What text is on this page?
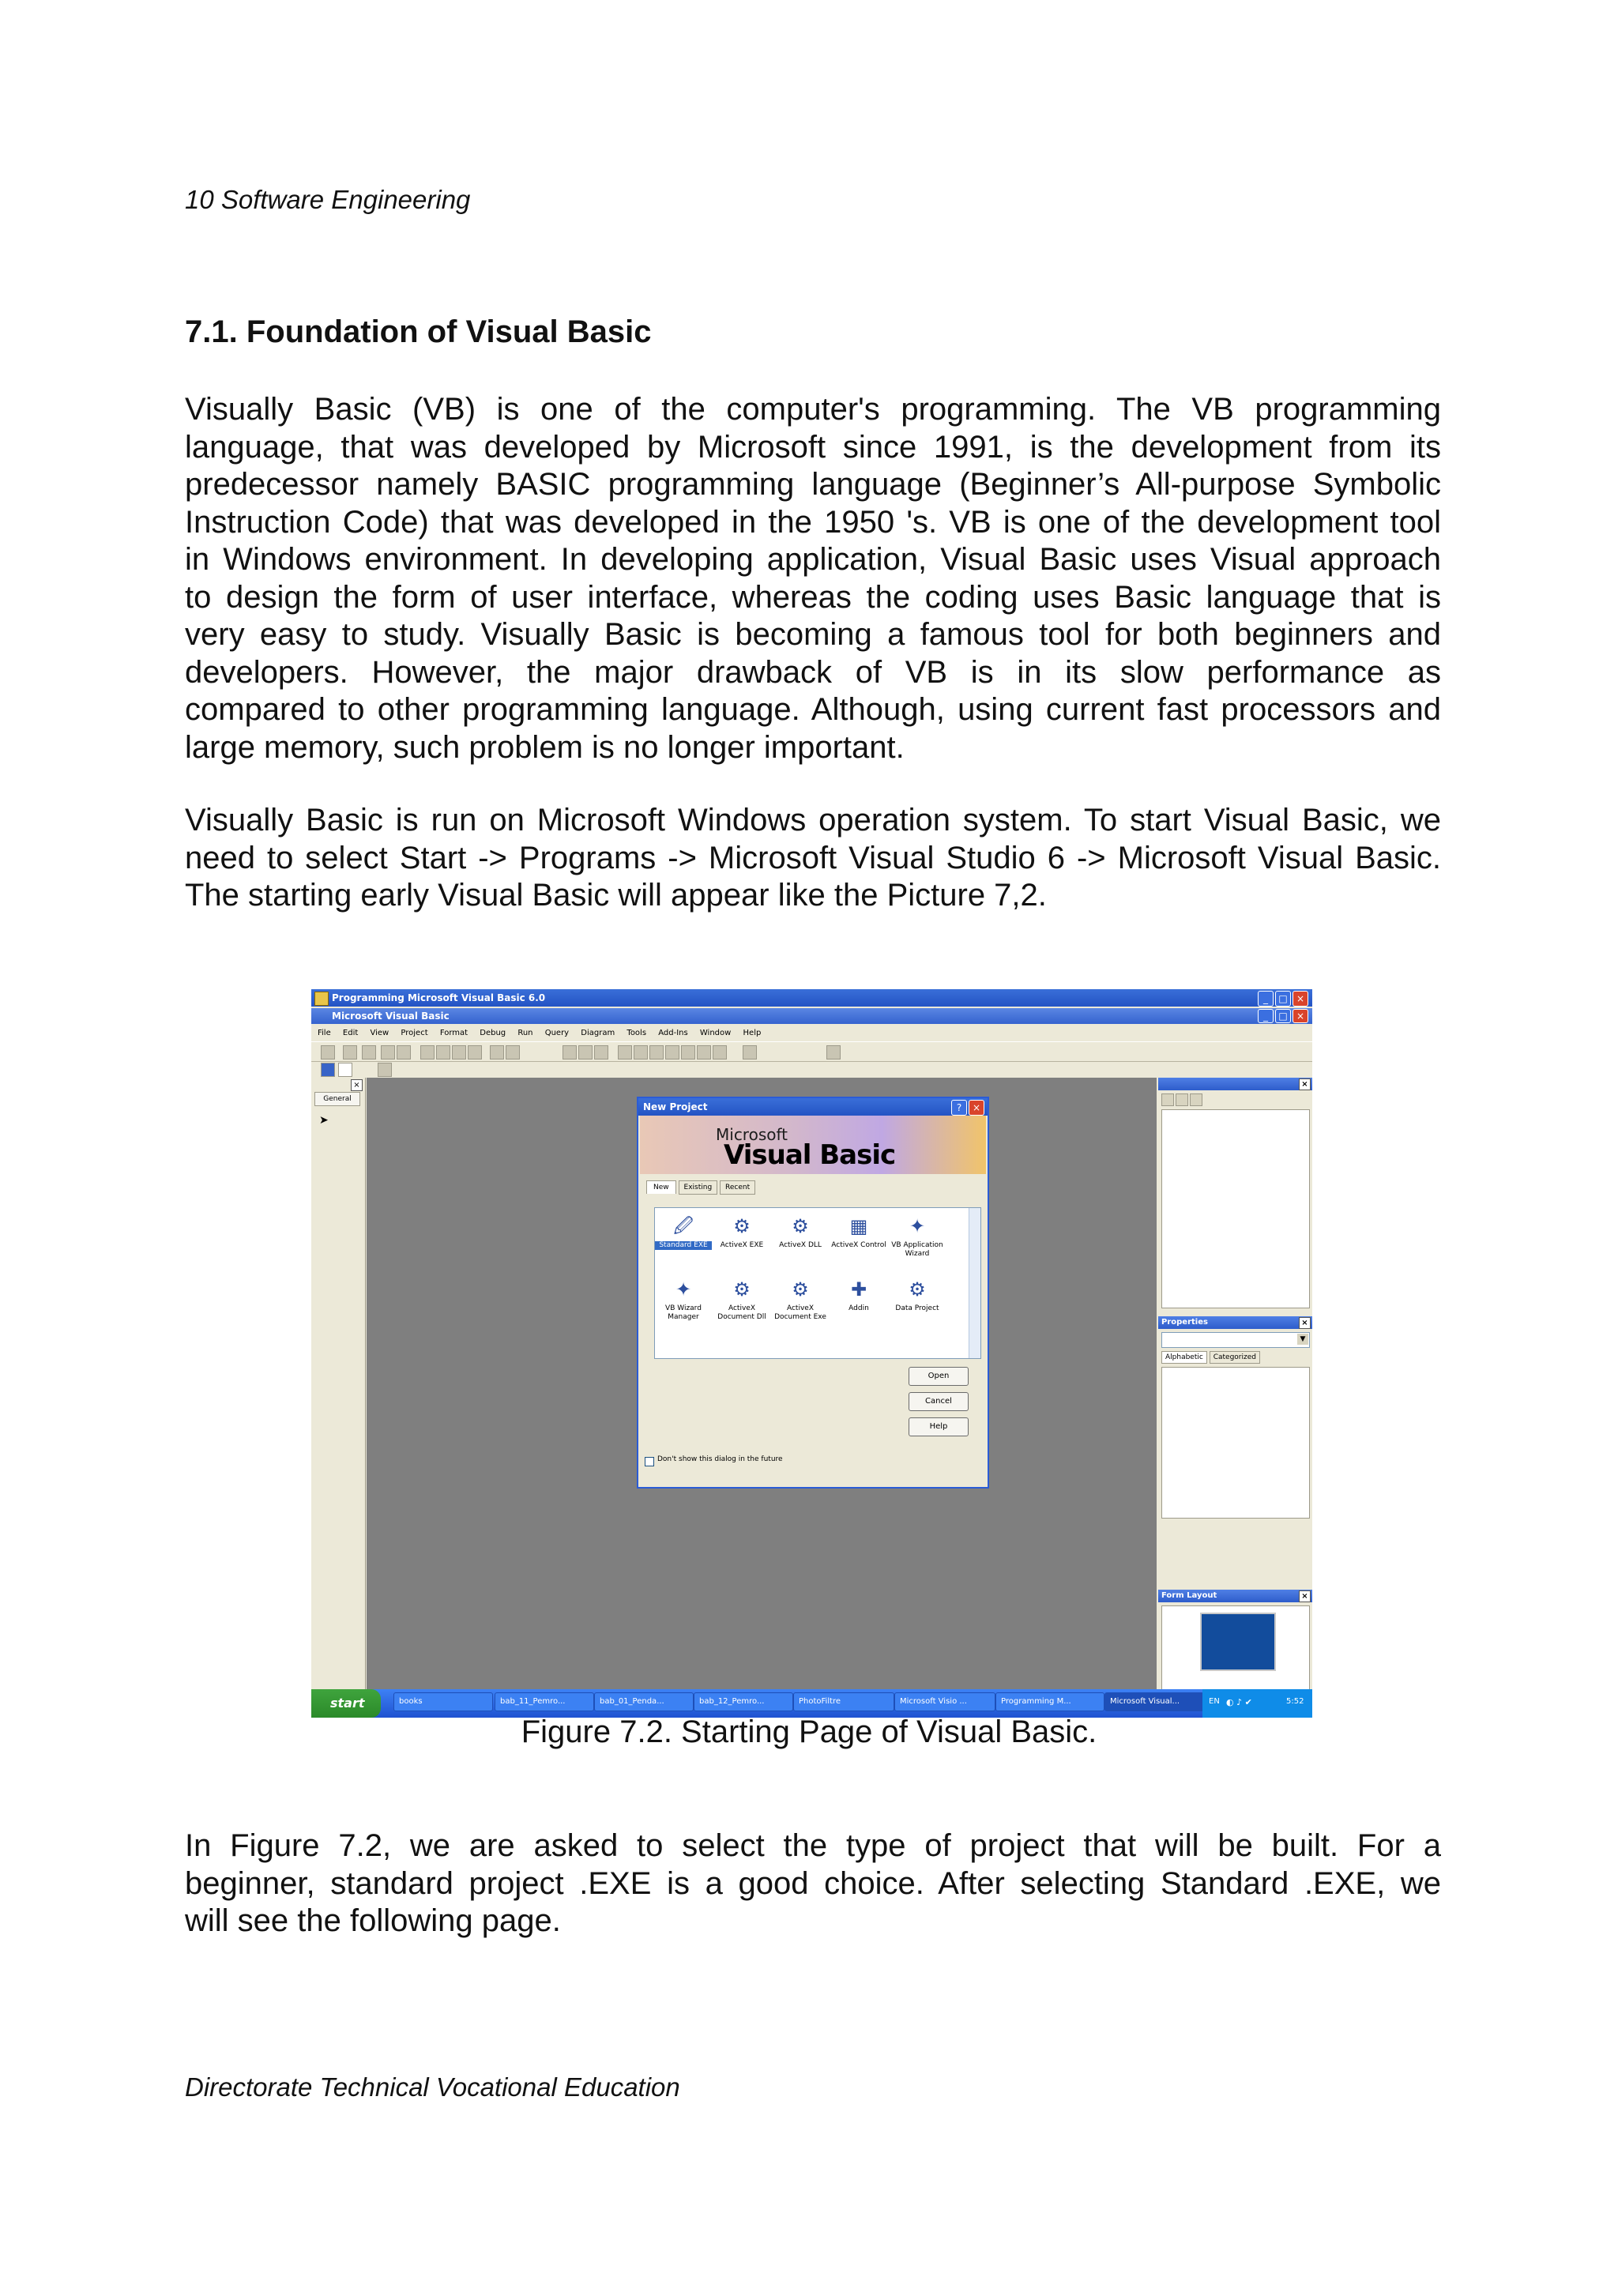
10 Software Engineering
7.1. Foundation of Visual Basic
Visually Basic (VB) is one of the computer's programming. The VB programming
language, that was developed by Microsoft since 1991, is the development from its
predecessor namely BASIC programming language (Beginner’s All-purpose Symbolic
Instruction Code) that was developed in the 1950 's. VB is one of the development tool
in Windows environment. In developing application, Visual Basic uses Visual approach
to design the form of user interface, whereas the coding uses Basic language that is
very easy to study. Visually Basic is becoming a famous tool for both beginners and
developers. However, the major drawback of VB is in its slow performance as
compared to other programming language. Although, using current fast processors and
large memory, such problem is no longer important.
Visually Basic is run on Microsoft Windows operation system. To start Visual Basic, we
need to select Start -> Programs -> Microsoft Visual Studio 6 -> Microsoft Visual Basic.
The starting early Visual Basic will appear like the Picture 7,2.
Programming Microsoft Visual Basic 6.0	_	□ ×
Microsoft Visual Basic	_	□ ×
File Edit View Project Format Debug Run Query Diagram Tools Add-Ins Window Help
×
General
➤
New Project	?	×
Microsoft
Visual Basic
New Existing Recent
🖉
Standard EXE
⚙
ActiveX EXE
⚙
ActiveX DLL
▦
ActiveX Control
✦
VB Application Wizard
✦
VB Wizard Manager
⚙
ActiveX Document Dll
⚙
ActiveX Document Exe
✚
Addin
⚙
Data Project
Open
Cancel
Help
Don't show this dialog in the future
×
Properties	×
▼
Alphabetic Categorized
Form Layout	×
start	books	bab_11_Pemro...	bab_01_Penda...	bab_12_Pemro...	PhotoFiltre	Microsoft Visio ...	Programming M...	Microsoft Visual...	EN ◐ ♪ ✔	5:52
Figure 7.2. Starting Page of Visual Basic.
In Figure 7.2, we are asked to select the type of project that will be built. For a
beginner, standard project .EXE is a good choice. After selecting Standard .EXE, we
will see the following page.
Directorate Technical Vocational Education
